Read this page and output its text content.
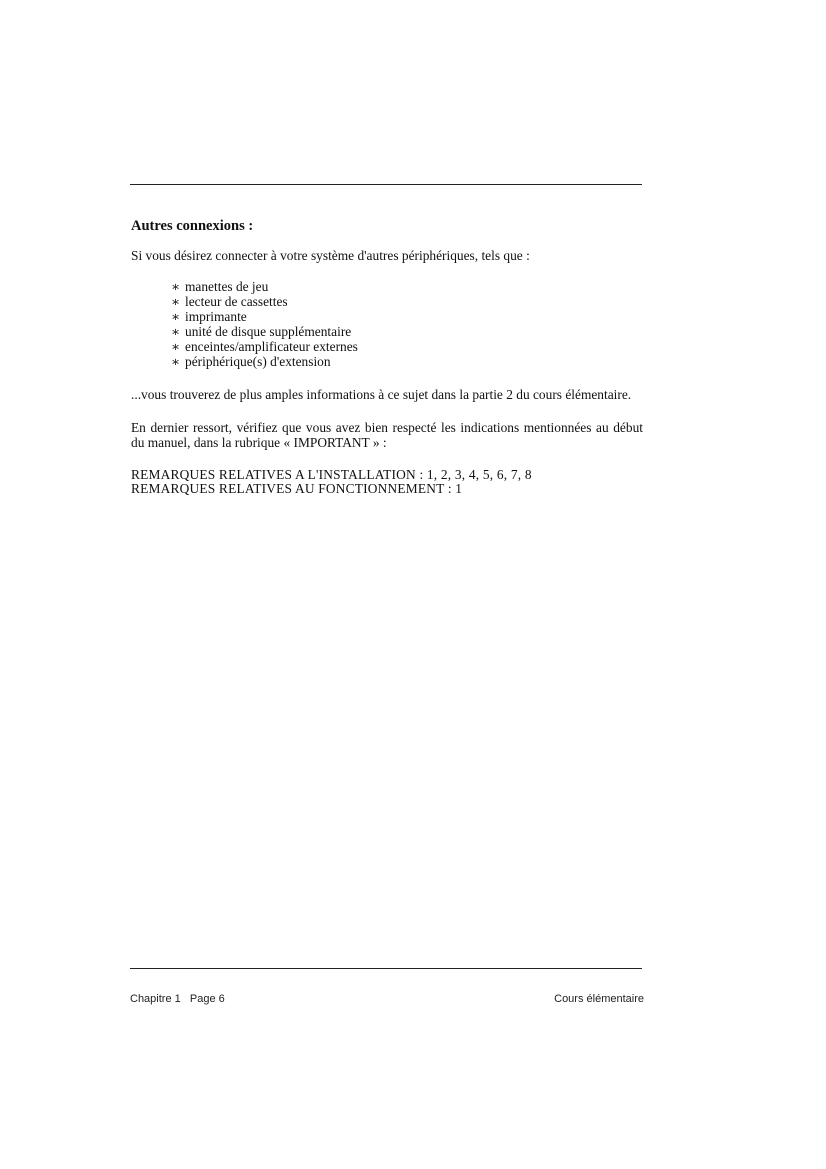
Autres connexions :
Si vous désirez connecter à votre système d'autres périphériques, tels que :
∗ manettes de jeu
∗ lecteur de cassettes
∗ imprimante
∗ unité de disque supplémentaire
∗ enceintes/amplificateur externes
∗ périphérique(s) d'extension
...vous trouverez de plus amples informations à ce sujet dans la partie 2 du cours élémentaire.
En dernier ressort, vérifiez que vous avez bien respecté les indications mentionnées au début du manuel, dans la rubrique « IMPORTANT » :
REMARQUES RELATIVES A L'INSTALLATION : 1, 2, 3, 4, 5, 6, 7, 8
REMARQUES RELATIVES AU FONCTIONNEMENT : 1
Chapitre 1   Page 6	Cours élémentaire
